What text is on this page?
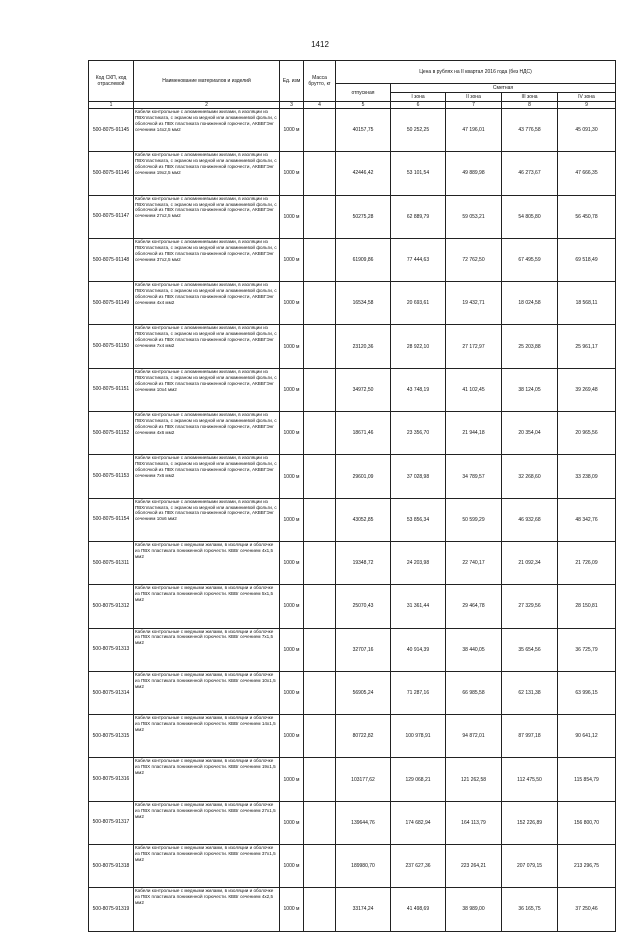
1412
Код СКП, код отраслевой	Наименование материалов и изделий	Ед. изм	Масса брутто, кг	Цена в рублях на II квартал 2016 года (без НДС)				
				отпускная	Сметная			
					I зона	II зона	III зона	IV зона
1	2	3	4	5	6	7	8	9
500-8075-91145	Кабели контрольные с алюминиевыми жилами, в изоляции из ПВХпластиката, с экраном из медной или алюминиевой фольги, с оболочкой из ПВХ пластиката пониженной горючести, АКВВГЭнг сечением 14х2,5 мм2	1000 м		40157,75	50 252,25	47 196,01	43 776,58	45 091,30
500-8075-91146	Кабели контрольные с алюминиевыми жилами, в изоляции из ПВХпластиката, с экраном из медной или алюминиевой фольги, с оболочкой из ПВХ пластиката пониженной горючести, АКВВГЭнг сечением 19х2,5 мм2	1000 м		42446,42	53 101,54	49 889,98	46 273,67	47 666,35
500-8075-91147	Кабели контрольные с алюминиевыми жилами, в изоляции из ПВХпластиката, с экраном из медной или алюминиевой фольги, с оболочкой из ПВХ пластиката пониженной горючести, АКВВГЭнг сечением 27х2,5 мм2	1000 м		50275,28	62 889,79	59 053,21	54 805,80	56 450,78
500-8075-91148	Кабели контрольные с алюминиевыми жилами, в изоляции из ПВХпластиката, с экраном из медной или алюминиевой фольги, с оболочкой из ПВХ пластиката пониженной горючести, АКВВГЭнг сечением 37х2,5 мм2	1000 м		61909,86	77 444,63	72 762,50	67 495,59	69 518,49
500-8075-91149	Кабели контрольные с алюминиевыми жилами, в изоляции из ПВХпластиката, с экраном из медной или алюминиевой фольги, с оболочкой из ПВХ пластиката пониженной горючести, АКВВГЭнг сечением 4х4 мм2	1000 м		16534,58	20 693,61	19 432,71	18 024,58	18 568,11
500-8075-91150	Кабели контрольные с алюминиевыми жилами, в изоляции из ПВХпластиката, с экраном из медной или алюминиевой фольги, с оболочкой из ПВХ пластиката пониженной горючести, АКВВГЭнг сечением 7х4 мм2	1000 м		23120,36	28 922,10	27 172,97	25 203,88	25 961,17
500-8075-91151	Кабели контрольные с алюминиевыми жилами, в изоляции из ПВХпластиката, с экраном из медной или алюминиевой фольги, с оболочкой из ПВХ пластиката пониженной горючести, АКВВГЭнг сечением 10х4 мм2	1000 м		34972,50	43 748,19	41 102,45	38 124,05	39 269,48
500-8075-91152	Кабели контрольные с алюминиевыми жилами, в изоляции из ПВХпластиката, с экраном из медной или алюминиевой фольги, с оболочкой из ПВХ пластиката пониженной горючести, АКВВГЭнг сечением 4х6 мм2	1000 м		18671,46	23 356,70	21 944,18	20 354,04	20 965,56
500-8075-91153	Кабели контрольные с алюминиевыми жилами, в изоляции из ПВХпластиката, с экраном из медной или алюминиевой фольги, с оболочкой из ПВХ пластиката пониженной горючести, АКВВГЭнг сечением 7х6 мм2	1000 м		29601,09	37 028,98	34 789,57	32 268,60	33 238,09
500-8075-91154	Кабели контрольные с алюминиевыми жилами, в изоляции из ПВХпластиката, с экраном из медной или алюминиевой фольги, с оболочкой из ПВХ пластиката пониженной горючести, АКВВГЭнг сечением 10х6 мм2	1000 м		43052,85	53 856,34	50 599,29	46 932,68	48 342,76
500-8075-91311	Кабели контрольные с медными жилами, в изоляции и оболочке из ПВХ пластиката пониженной горючести. КВВг сечением 4х1,5 мм2	1000 м		19348,72	24 203,98	22 740,17	21 092,34	21 726,09
500-8075-91312	Кабели контрольные с медными жилами, в изоляции и оболочке из ПВХ пластиката пониженной горючести. КВВг сечением 5х1,5 мм2	1000 м		25070,43	31 361,44	29 464,78	27 329,56	28 150,81
500-8075-91313	Кабели контрольные с медными жилами, в изоляции и оболочке из ПВХ пластиката пониженной горючести. КВВг сечением 7х1,5 мм2	1000 м		32707,16	40 914,39	38 440,05	35 654,56	36 725,79
500-8075-91314	Кабели контрольные с медными жилами, в изоляции и оболочке из ПВХ пластиката пониженной горючести. КВВг сечением 10х1,5 мм2	1000 м		56905,24	71 287,16	66 985,58	62 131,38	63 996,15
500-8075-91315	Кабели контрольные с медными жилами, в изоляции и оболочке из ПВХ пластиката пониженной горючести. КВВг сечением 14х1,5 мм2	1000 м		80722,82	100 978,91	94 872,01	87 997,18	90 641,12
500-8075-91316	Кабели контрольные с медными жилами, в изоляции и оболочке из ПВХ пластиката пониженной горючести. КВВг сечением 19х1,5 мм2	1000 м		103177,62	129 068,21	121 262,58	112 475,50	115 854,79
500-8075-91317	Кабели контрольные с медными жилами, в изоляции и оболочке из ПВХ пластиката пониженной горючести. КВВг сечением 27х1,5 мм2	1000 м		139644,76	174 682,94	164 113,79	152 226,89	156 800,70
500-8075-91318	Кабели контрольные с медными жилами, в изоляции и оболочке из ПВХ пластиката пониженной горючести. КВВг сечением 37х1,5 мм2	1000 м		189980,70	237 627,36	223 264,21	207 079,15	213 296,75
500-8075-91319	Кабели контрольные с медными жилами, в изоляции и оболочке из ПВХ пластиката пониженной горючести. КВВг сечением 4х2,5 мм2	1000 м		33174,24	41 498,69	38 989,00	36 165,75	37 250,46
